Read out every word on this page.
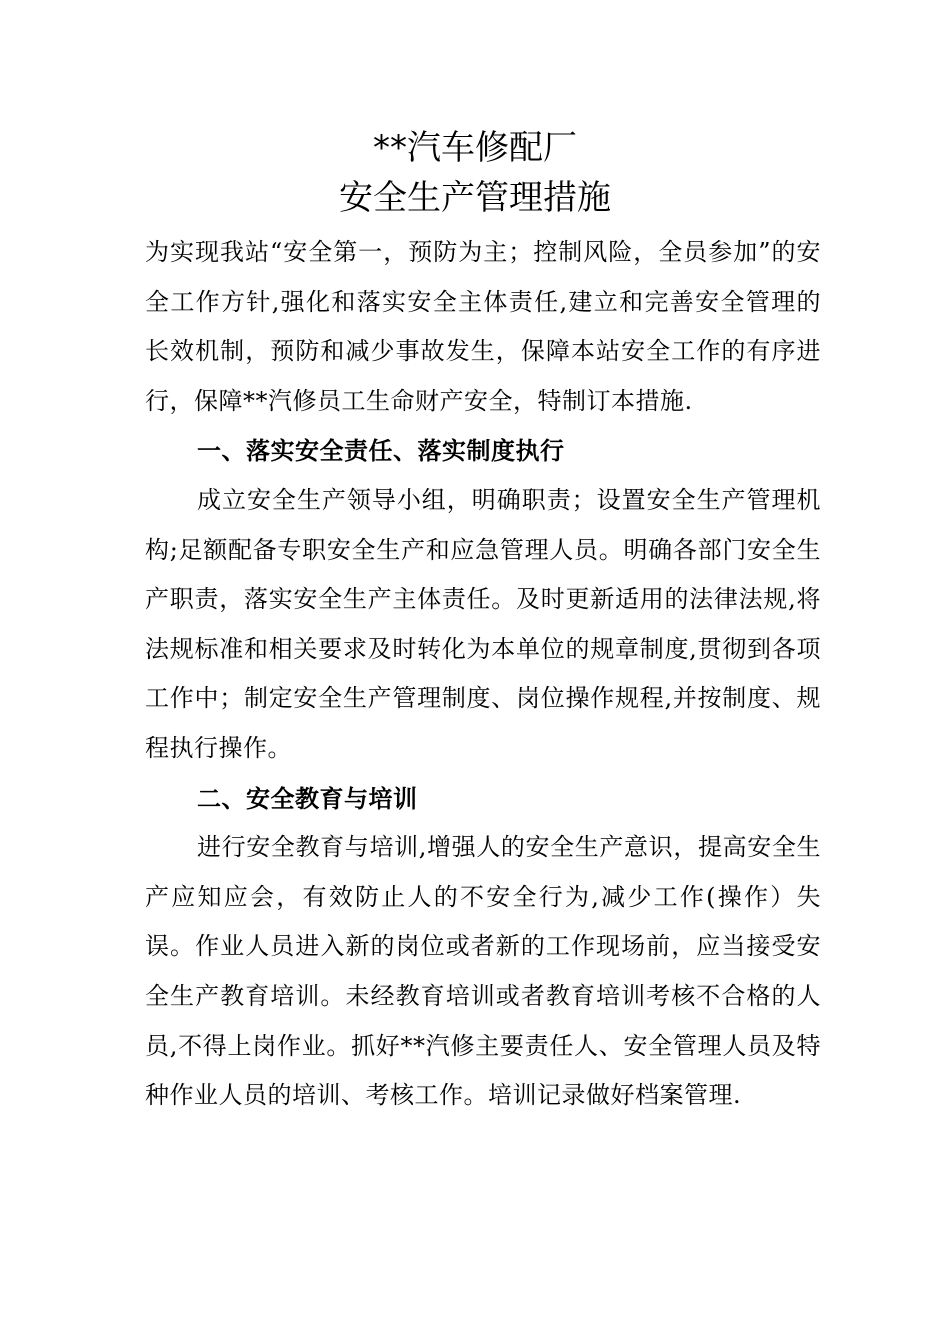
**汽车修配厂
安全生产管理措施

为实现我站“安全第一，预防为主；控制风险，全员参加”的安全工作方针,强化和落实安全主体责任,建立和完善安全管理的长效机制，预防和减少事故发生，保障本站安全工作的有序进行，保障**汽修员工生命财产安全，特制订本措施.

一、落实安全责任、落实制度执行

成立安全生产领导小组，明确职责；设置安全生产管理机构;足额配备专职安全生产和应急管理人员。明确各部门安全生产职责，落实安全生产主体责任。及时更新适用的法律法规,将法规标准和相关要求及时转化为本单位的规章制度,贯彻到各项工作中；制定安全生产管理制度、岗位操作规程,并按制度、规程执行操作。

二、安全教育与培训

进行安全教育与培训,增强人的安全生产意识，提高安全生产应知应会，有效防止人的不安全行为,减少工作(操作）失误。作业人员进入新的岗位或者新的工作现场前，应当接受安全生产教育培训。未经教育培训或者教育培训考核不合格的人员,不得上岗作业。抓好**汽修主要责任人、安全管理人员及特种作业人员的培训、考核工作。培训记录做好档案管理.
